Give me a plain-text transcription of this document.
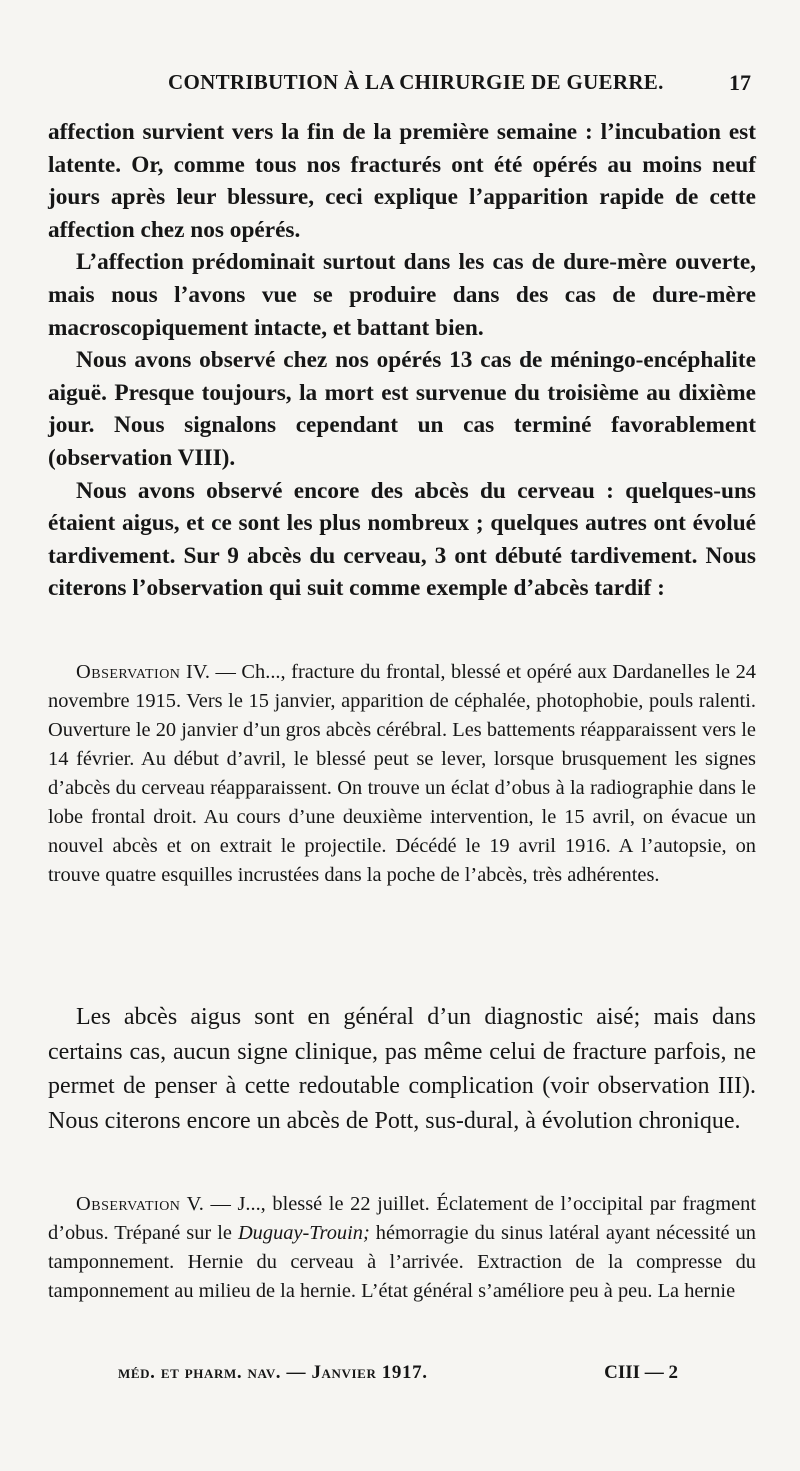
CONTRIBUTION À LA CHIRURGIE DE GUERRE.	17

affection survient vers la fin de la première semaine : l’incubation est latente. Or, comme tous nos fracturés ont été opérés au moins neuf jours après leur blessure, ceci explique l’apparition rapide de cette affection chez nos opérés.

L’affection prédominait surtout dans les cas de dure-mère ouverte, mais nous l’avons vue se produire dans des cas de dure-mère macroscopiquement intacte, et battant bien.

Nous avons observé chez nos opérés 13 cas de méningo-encéphalite aiguë. Presque toujours, la mort est survenue du troisième au dixième jour. Nous signalons cependant un cas terminé favorablement (observation VIII).

Nous avons observé encore des abcès du cerveau : quelques-uns étaient aigus, et ce sont les plus nombreux ; quelques autres ont évolué tardivement. Sur 9 abcès du cerveau, 3 ont débuté tardivement. Nous citerons l’observation qui suit comme exemple d’abcès tardif :

Observation IV. — Ch..., fracture du frontal, blessé et opéré aux Dardanelles le 24 novembre 1915. Vers le 15 janvier, apparition de céphalée, photophobie, pouls ralenti. Ouverture le 20 janvier d’un gros abcès cérébral. Les battements réapparaissent vers le 14 février. Au début d’avril, le blessé peut se lever, lorsque brusquement les signes d’abcès du cerveau réapparaissent. On trouve un éclat d’obus à la radiographie dans le lobe frontal droit. Au cours d’une deuxième intervention, le 15 avril, on évacue un nouvel abcès et on extrait le projectile. Décédé le 19 avril 1916. A l’autopsie, on trouve quatre esquilles incrustées dans la poche de l’abcès, très adhérentes.
Les abcès aigus sont en général d’un diagnostic aisé; mais dans certains cas, aucun signe clinique, pas même celui de fracture parfois, ne permet de penser à cette redoutable complication (voir observation III). Nous citerons encore un abcès de Pott, sus-dural, à évolution chronique.
Observation V. — J..., blessé le 22 juillet. Éclatement de l’occipital par fragment d’obus. Trépané sur le Duguay-Trouin; hémorragie du sinus latéral ayant nécessité un tamponnement. Hernie du cerveau à l’arrivée. Extraction de la compresse du tamponnement au milieu de la hernie. L’état général s’améliore peu à peu. La hernie
méd. et pharm. nav. — Janvier 1917.	CIII — 2
